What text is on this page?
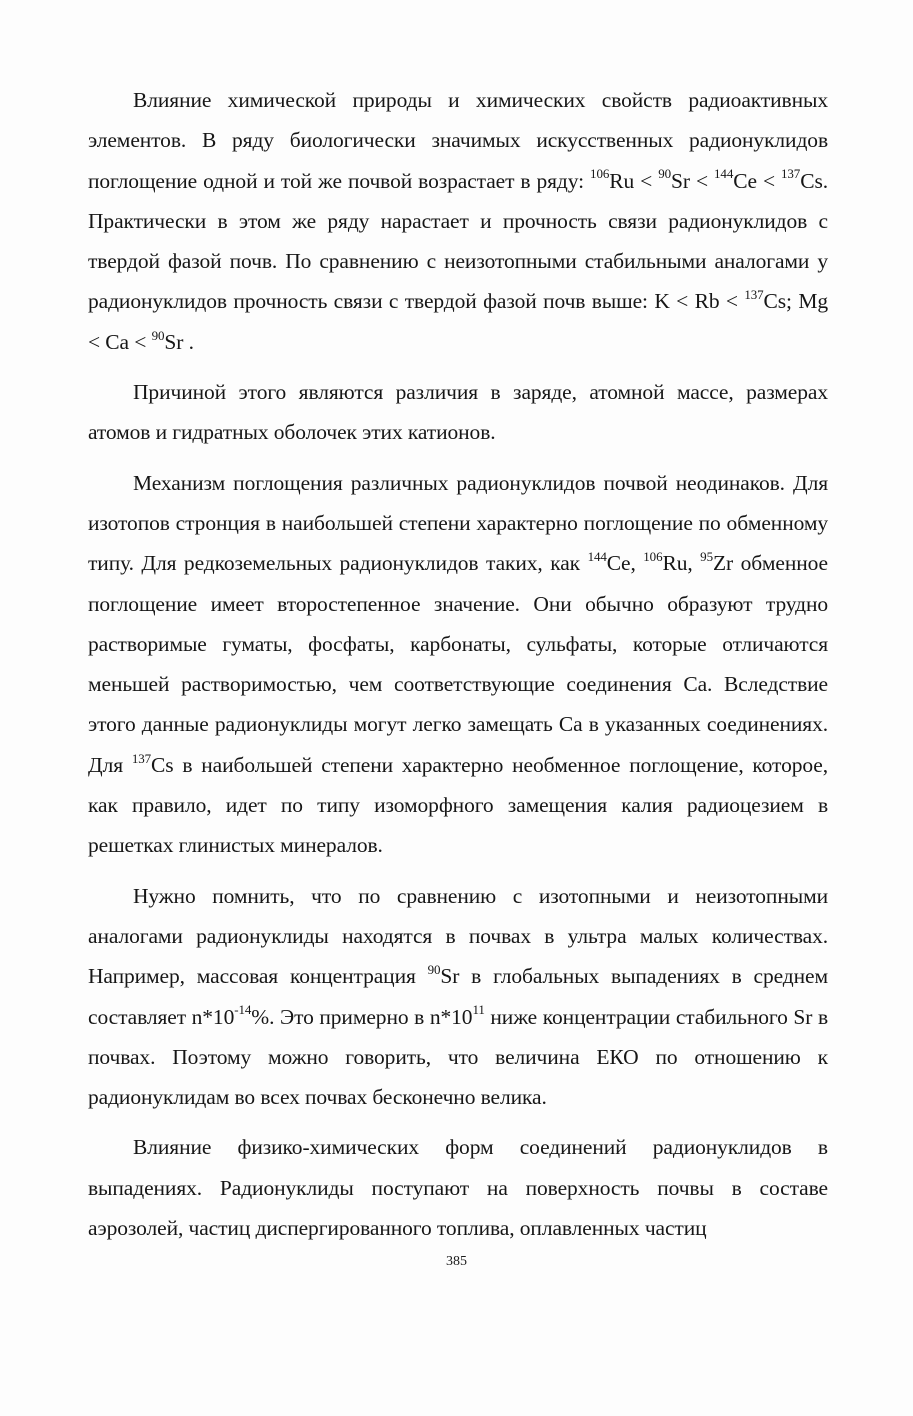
Влияние химической природы и химических свойств радиоактивных элементов. В ряду биологически значимых искусственных радионуклидов поглощение одной и той же почвой возрастает в ряду: $^{106}$Ru < $^{90}$Sr < $^{144}$Ce < $^{137}$Cs. Практически в этом же ряду нарастает и прочность связи радионуклидов с твердой фазой почв. По сравнению с неизотопными стабильными аналогами у радионуклидов прочность связи с твердой фазой почв выше: K < Rb < $^{137}$Cs; Mg < Ca < $^{90}$Sr .

Причиной этого являются различия в заряде, атомной массе, размерах атомов и гидратных оболочек этих катионов.

Механизм поглощения различных радионуклидов почвой неодинаков. Для изотопов стронция в наибольшей степени характерно поглощение по обменному типу. Для редкоземельных радионуклидов таких, как $^{144}$Ce, $^{106}$Ru, $^{95}$Zr обменное поглощение имеет второстепенное значение. Они обычно образуют трудно растворимые гуматы, фосфаты, карбонаты, сульфаты, которые отличаются меньшей растворимостью, чем соответствующие соединения Ca. Вследствие этого данные радионуклиды могут легко замещать Ca в указанных соединениях. Для $^{137}$Cs в наибольшей степени характерно необменное поглощение, которое, как правило, идет по типу изоморфного замещения калия радиоцезием в решетках глинистых минералов.

Нужно помнить, что по сравнению с изотопными и неизотопными аналогами радионуклиды находятся в почвах в ультра малых количествах. Например, массовая концентрация $^{90}$Sr в глобальных выпадениях в среднем составляет $n*10^{-14}\%$. Это примерно в $n*10^{11}$ ниже концентрации стабильного Sr в почвах. Поэтому можно говорить, что величина ЕКО по отношению к радионуклидам во всех почвах бесконечно велика.

Влияние физико-химических форм соединений радионуклидов в выпадениях. Радионуклиды поступают на поверхность почвы в составе аэрозолей, частиц диспергированного топлива, оплавленных частиц

385
